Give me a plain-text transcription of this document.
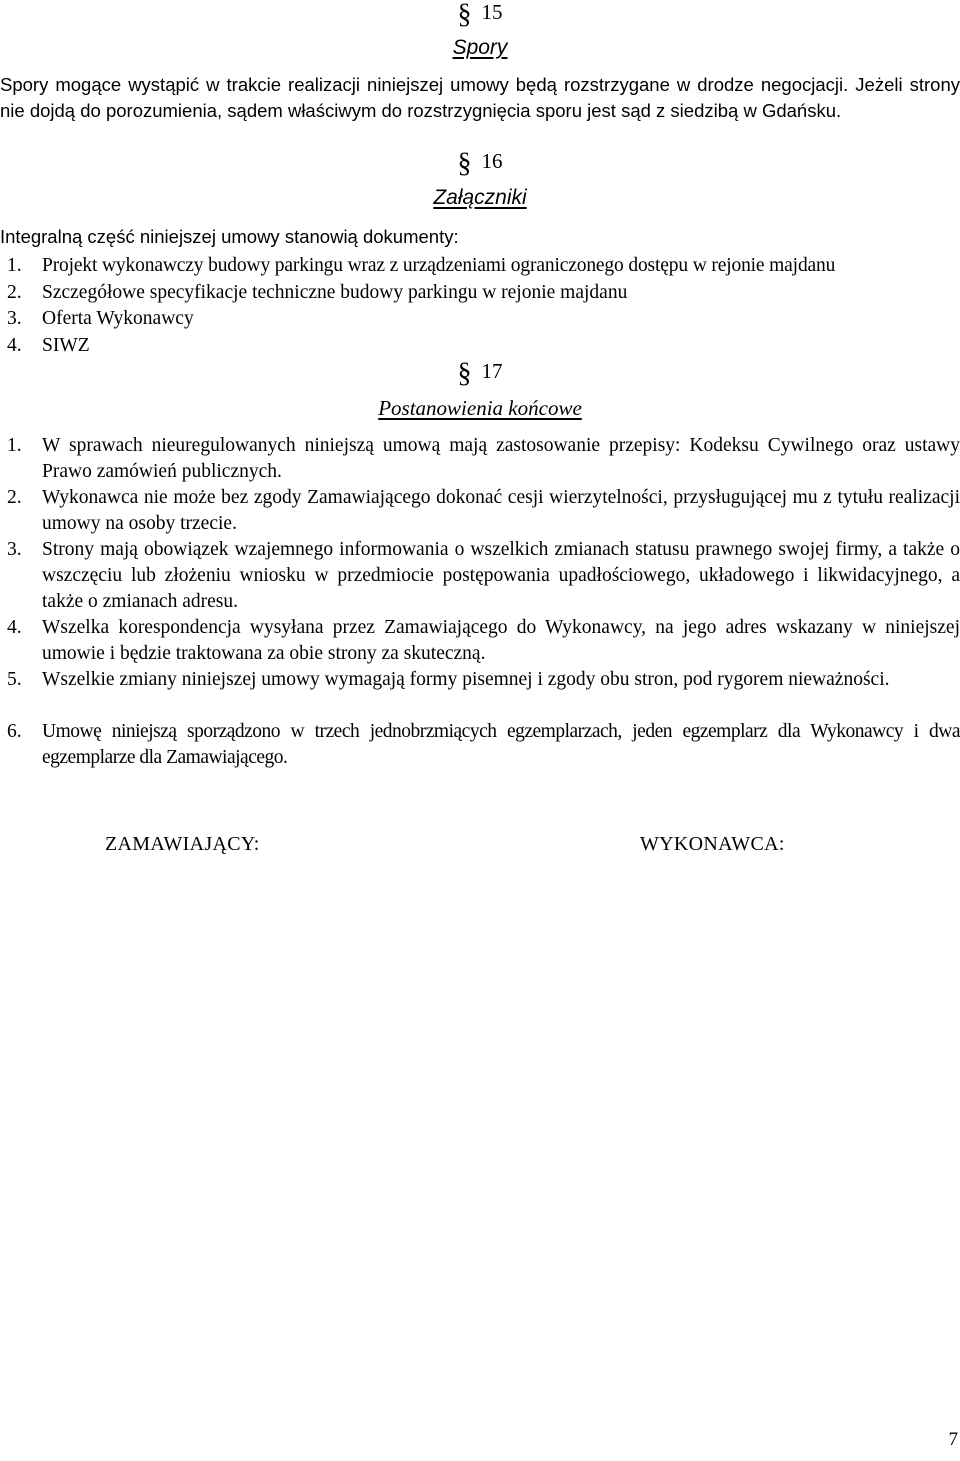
§ 15
Spory
Spory mogące wystąpić w trakcie realizacji niniejszej umowy będą rozstrzygane w drodze negocjacji. Jeżeli strony nie dojdą do porozumienia, sądem właściwym do rozstrzygnięcia sporu jest sąd z siedzibą w Gdańsku.
§ 16
Załączniki
Integralną część niniejszej umowy stanowią dokumenty:
1. Projekt wykonawczy budowy parkingu wraz z urządzeniami ograniczonego dostępu w rejonie majdanu
2. Szczegółowe specyfikacje techniczne budowy parkingu w rejonie majdanu
3. Oferta Wykonawcy
4. SIWZ
§ 17
Postanowienia końcowe
1. W sprawach nieuregulowanych niniejszą umową mają zastosowanie przepisy: Kodeksu Cywilnego oraz ustawy Prawo zamówień publicznych.
2. Wykonawca nie może bez zgody Zamawiającego dokonać cesji wierzytelności, przysługującej mu z tytułu realizacji umowy na osoby trzecie.
3. Strony mają obowiązek wzajemnego informowania o wszelkich zmianach statusu prawnego swojej firmy, a także o wszczęciu lub złożeniu wniosku w przedmiocie postępowania upadłościowego, układowego i likwidacyjnego, a także o zmianach adresu.
4. Wszelka korespondencja wysyłana przez Zamawiającego do Wykonawcy, na jego adres wskazany w niniejszej umowie i będzie traktowana za obie strony za skuteczną.
5. Wszelkie zmiany niniejszej umowy wymagają formy pisemnej i zgody obu stron, pod rygorem nieważności.
6. Umowę niniejszą sporządzono w trzech jednobrzmiących egzemplarzach, jeden egzemplarz dla Wykonawcy i dwa egzemplarze dla Zamawiającego.
ZAMAWIAJĄCY:	WYKONAWCA:
7
